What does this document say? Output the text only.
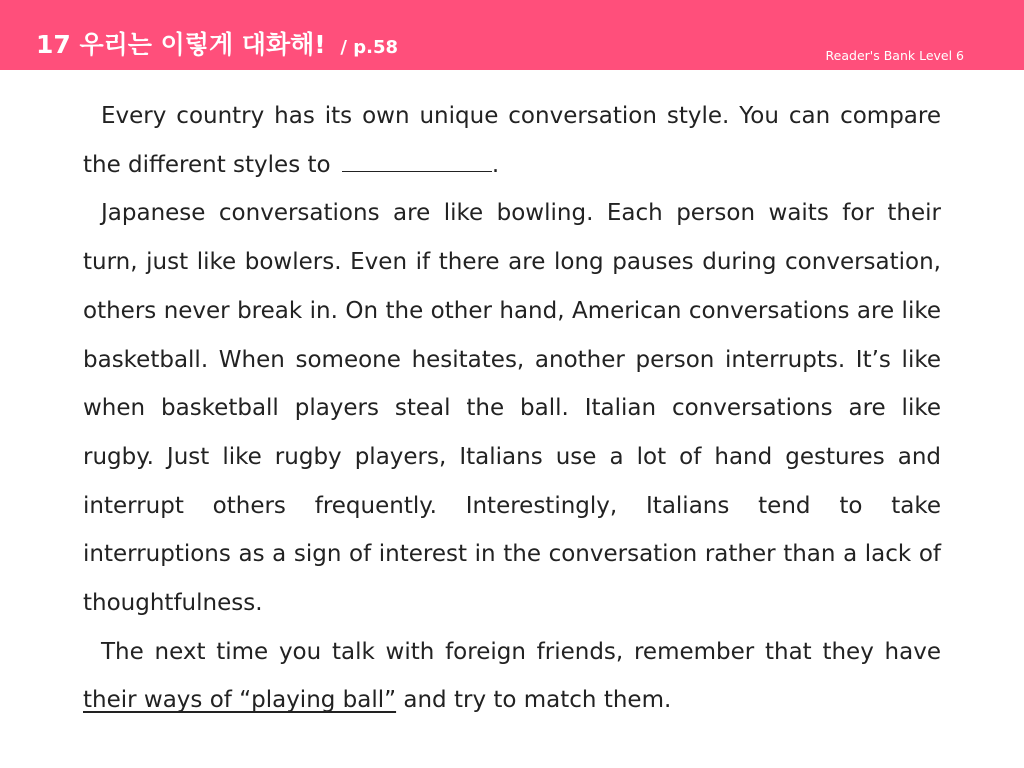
17 우리는 이렇게 대화해! / p.58	Reader's Bank Level 6

Every country has its own unique conversation style. You can compare the different styles to	.

Japanese conversations are like bowling. Each person waits for their turn, just like bowlers. Even if there are long pauses during conversation, others never break in. On the other hand, American conversations are like basketball. When someone hesitates, another person interrupts. It’s like when basketball players steal the ball. Italian conversations are like rugby. Just like rugby players, Italians use a lot of hand gestures and interrupt others frequently. Interestingly, Italians tend to take interruptions as a sign of interest in the conversation rather than a lack of thoughtfulness.

The next time you talk with foreign friends, remember that they have their ways of “playing ball” and try to match them.
